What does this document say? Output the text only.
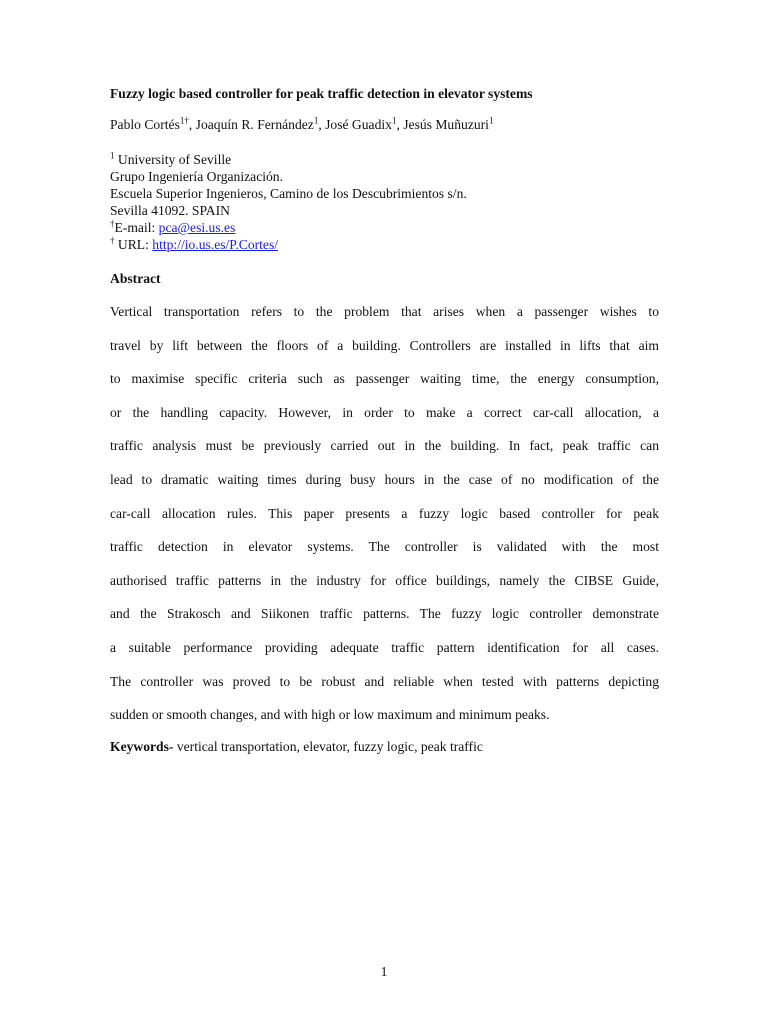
Fuzzy logic based controller for peak traffic detection in elevator systems
Pablo Cortés$^{1\dagger}$, Joaquín R. Fernández$^1$, José Guadix$^1$, Jesús Muñuzuri$^1$
$^1$ University of Seville
Grupo Ingeniería Organización.
Escuela Superior Ingenieros, Camino de los Descubrimientos s/n.
Sevilla 41092. SPAIN
†E-mail: pca@esi.us.es
† URL: http://io.us.es/P.Cortes/
Abstract
Vertical transportation refers to the problem that arises when a passenger wishes to
travel by lift between the floors of a building. Controllers are installed in lifts that aim
to maximise specific criteria such as passenger waiting time, the energy consumption,
or the handling capacity. However, in order to make a correct car-call allocation, a
traffic analysis must be previously carried out in the building. In fact, peak traffic can
lead to dramatic waiting times during busy hours in the case of no modification of the
car-call allocation rules. This paper presents a fuzzy logic based controller for peak
traffic detection in elevator systems. The controller is validated with the most
authorised traffic patterns in the industry for office buildings, namely the CIBSE Guide,
and the Strakosch and Siikonen traffic patterns. The fuzzy logic controller demonstrate
a suitable performance providing adequate traffic pattern identification for all cases.
The controller was proved to be robust and reliable when tested with patterns depicting
sudden or smooth changes, and with high or low maximum and minimum peaks.
Keywords- vertical transportation, elevator, fuzzy logic, peak traffic
1
